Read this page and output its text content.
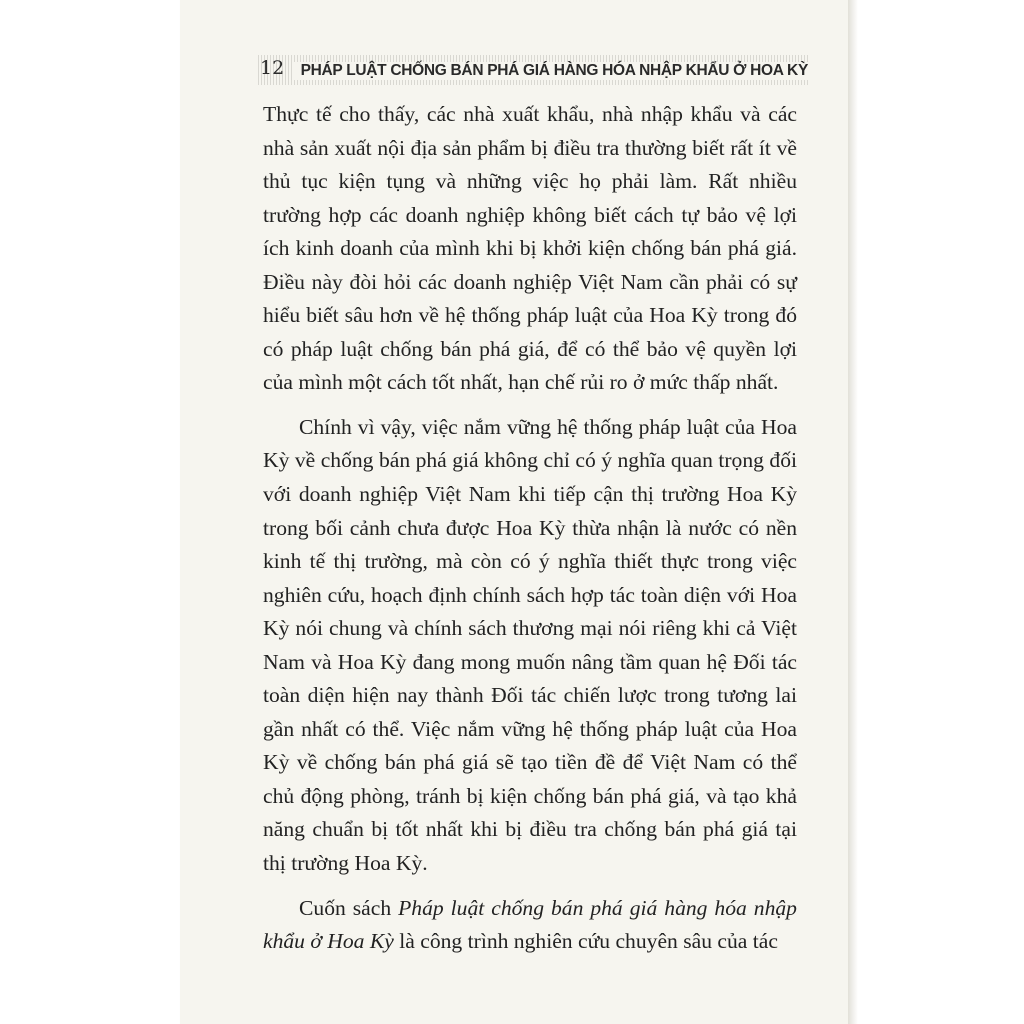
12	PHÁP LUẬT CHỐNG BÁN PHÁ GIÁ HÀNG HÓA NHẬP KHẨU Ở HOA KỲ

Thực tế cho thấy, các nhà xuất khẩu, nhà nhập khẩu và các nhà sản xuất nội địa sản phẩm bị điều tra thường biết rất ít về thủ tục kiện tụng và những việc họ phải làm. Rất nhiều trường hợp các doanh nghiệp không biết cách tự bảo vệ lợi ích kinh doanh của mình khi bị khởi kiện chống bán phá giá. Điều này đòi hỏi các doanh nghiệp Việt Nam cần phải có sự hiểu biết sâu hơn về hệ thống pháp luật của Hoa Kỳ trong đó có pháp luật chống bán phá giá, để có thể bảo vệ quyền lợi của mình một cách tốt nhất, hạn chế rủi ro ở mức thấp nhất.

Chính vì vậy, việc nắm vững hệ thống pháp luật của Hoa Kỳ về chống bán phá giá không chỉ có ý nghĩa quan trọng đối với doanh nghiệp Việt Nam khi tiếp cận thị trường Hoa Kỳ trong bối cảnh chưa được Hoa Kỳ thừa nhận là nước có nền kinh tế thị trường, mà còn có ý nghĩa thiết thực trong việc nghiên cứu, hoạch định chính sách hợp tác toàn diện với Hoa Kỳ nói chung và chính sách thương mại nói riêng khi cả Việt Nam và Hoa Kỳ đang mong muốn nâng tầm quan hệ Đối tác toàn diện hiện nay thành Đối tác chiến lược trong tương lai gần nhất có thể. Việc nắm vững hệ thống pháp luật của Hoa Kỳ về chống bán phá giá sẽ tạo tiền đề để Việt Nam có thể chủ động phòng, tránh bị kiện chống bán phá giá, và tạo khả năng chuẩn bị tốt nhất khi bị điều tra chống bán phá giá tại thị trường Hoa Kỳ.

Cuốn sách Pháp luật chống bán phá giá hàng hóa nhập khẩu ở Hoa Kỳ là công trình nghiên cứu chuyên sâu của tác
